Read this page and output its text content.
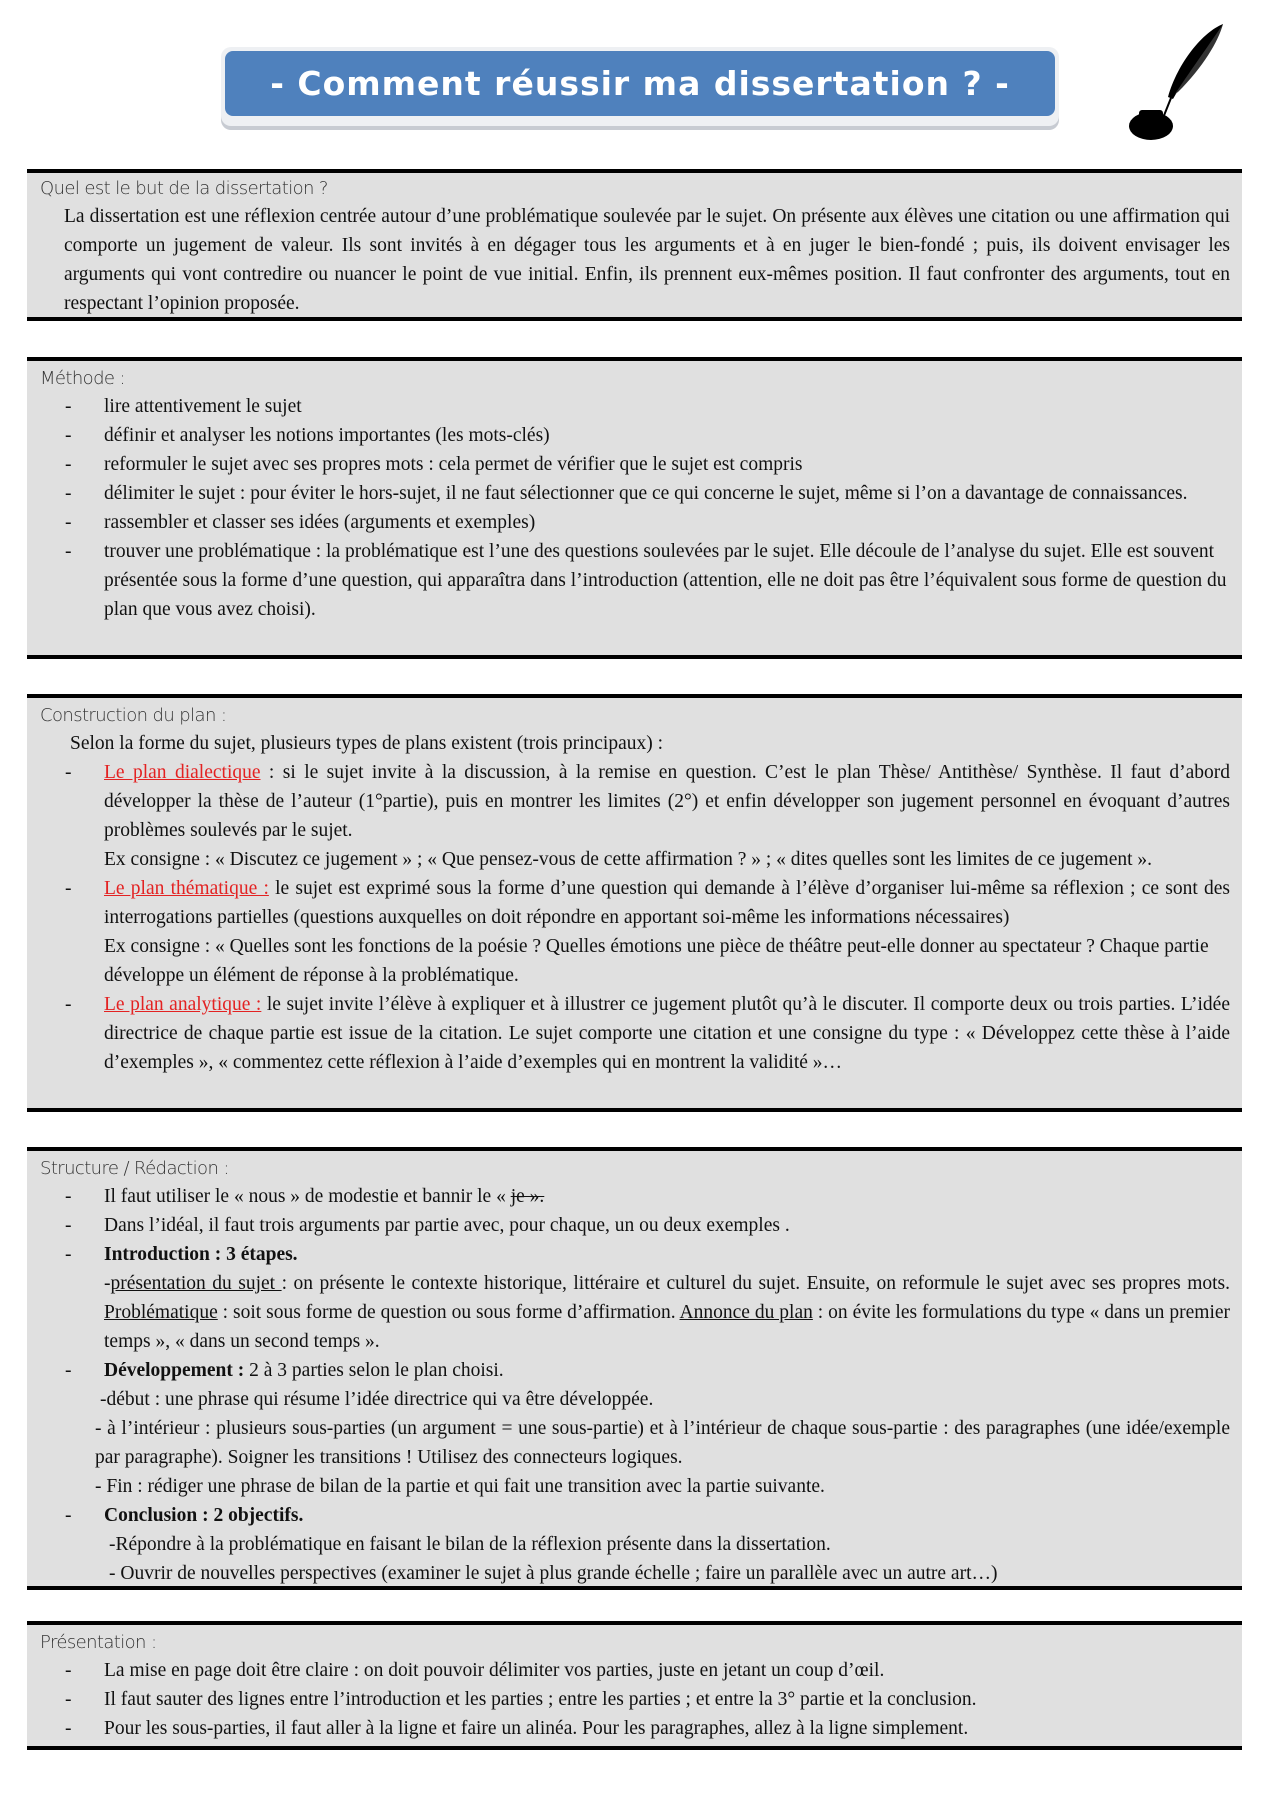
- Comment réussir ma dissertation ? -
Quel est le but de la dissertation ?
La dissertation est une réflexion centrée autour d’une problématique soulevée par le sujet. On présente aux élèves une citation ou une affirmation qui comporte un jugement de valeur. Ils sont invités à en dégager tous les arguments et à en juger le bien-fondé ; puis, ils doivent envisager les arguments qui vont contredire ou nuancer le point de vue initial. Enfin, ils prennent eux-mêmes position. Il faut confronter des arguments, tout en respectant l’opinion proposée.
Méthode :
- lire attentivement le sujet
- définir et analyser les notions importantes (les mots-clés)
- reformuler le sujet avec ses propres mots : cela permet de vérifier que le sujet est compris
- délimiter le sujet : pour éviter le hors-sujet, il ne faut sélectionner que ce qui concerne le sujet, même si l’on a davantage de connaissances.
- rassembler et classer ses idées (arguments et exemples)
- trouver une problématique : la problématique est l’une des questions soulevées par le sujet. Elle découle de l’analyse du sujet. Elle est souvent présentée sous la forme d’une question, qui apparaîtra dans l’introduction (attention, elle ne doit pas être l’équivalent sous forme de question du plan que vous avez choisi).
Construction du plan :
Selon la forme du sujet, plusieurs types de plans existent (trois principaux) :
- Le plan dialectique : si le sujet invite à la discussion, à la remise en question. C’est le plan Thèse/ Antithèse/ Synthèse. Il faut d’abord développer la thèse de l’auteur (1°partie), puis en montrer les limites (2°) et enfin développer son jugement personnel en évoquant d’autres problèmes soulevés par le sujet.
Ex consigne : « Discutez ce jugement » ; « Que pensez-vous de cette affirmation ? » ; « dites quelles sont les limites de ce jugement ».
- Le plan thématique : le sujet est exprimé sous la forme d’une question qui demande à l’élève d’organiser lui-même sa réflexion ; ce sont des interrogations partielles (questions auxquelles on doit répondre en apportant soi-même les informations nécessaires)
Ex consigne : « Quelles sont les fonctions de la poésie ? Quelles émotions une pièce de théâtre peut-elle donner au spectateur ? Chaque partie développe un élément de réponse à la problématique.
- Le plan analytique : le sujet invite l’élève à expliquer et à illustrer ce jugement plutôt qu’à le discuter. Il comporte deux ou trois parties. L’idée directrice de chaque partie est issue de la citation. Le sujet comporte une citation et une consigne du type : « Développez cette thèse à l’aide d’exemples », « commentez cette réflexion à l’aide d’exemples qui en montrent la validité »…
Structure / Rédaction :
- Il faut utiliser le « nous » de modestie et bannir le « je ».
- Dans l’idéal, il faut trois arguments par partie avec, pour chaque, un ou deux exemples .
- Introduction : 3 étapes.
-présentation du sujet : on présente le contexte historique, littéraire et culturel du sujet. Ensuite, on reformule le sujet avec ses propres mots. Problématique : soit sous forme de question ou sous forme d’affirmation. Annonce du plan : on évite les formulations du type « dans un premier temps », « dans un second temps ».
- Développement : 2 à 3 parties selon le plan choisi.
-début : une phrase qui résume l’idée directrice qui va être développée.
- à l’intérieur : plusieurs sous-parties (un argument = une sous-partie) et à l’intérieur de chaque sous-partie : des paragraphes (une idée/exemple par paragraphe). Soigner les transitions ! Utilisez des connecteurs logiques.
- Fin : rédiger une phrase de bilan de la partie et qui fait une transition avec la partie suivante.
- Conclusion : 2 objectifs.
-Répondre à la problématique en faisant le bilan de la réflexion présente dans la dissertation.
- Ouvrir de nouvelles perspectives (examiner le sujet à plus grande échelle ; faire un parallèle avec un autre art…)
Présentation :
- La mise en page doit être claire : on doit pouvoir délimiter vos parties, juste en jetant un coup d’œil.
- Il faut sauter des lignes entre l’introduction et les parties ; entre les parties ; et entre la 3° partie et la conclusion.
- Pour les sous-parties, il faut aller à la ligne et faire un alinéa. Pour les paragraphes, allez à la ligne simplement.
